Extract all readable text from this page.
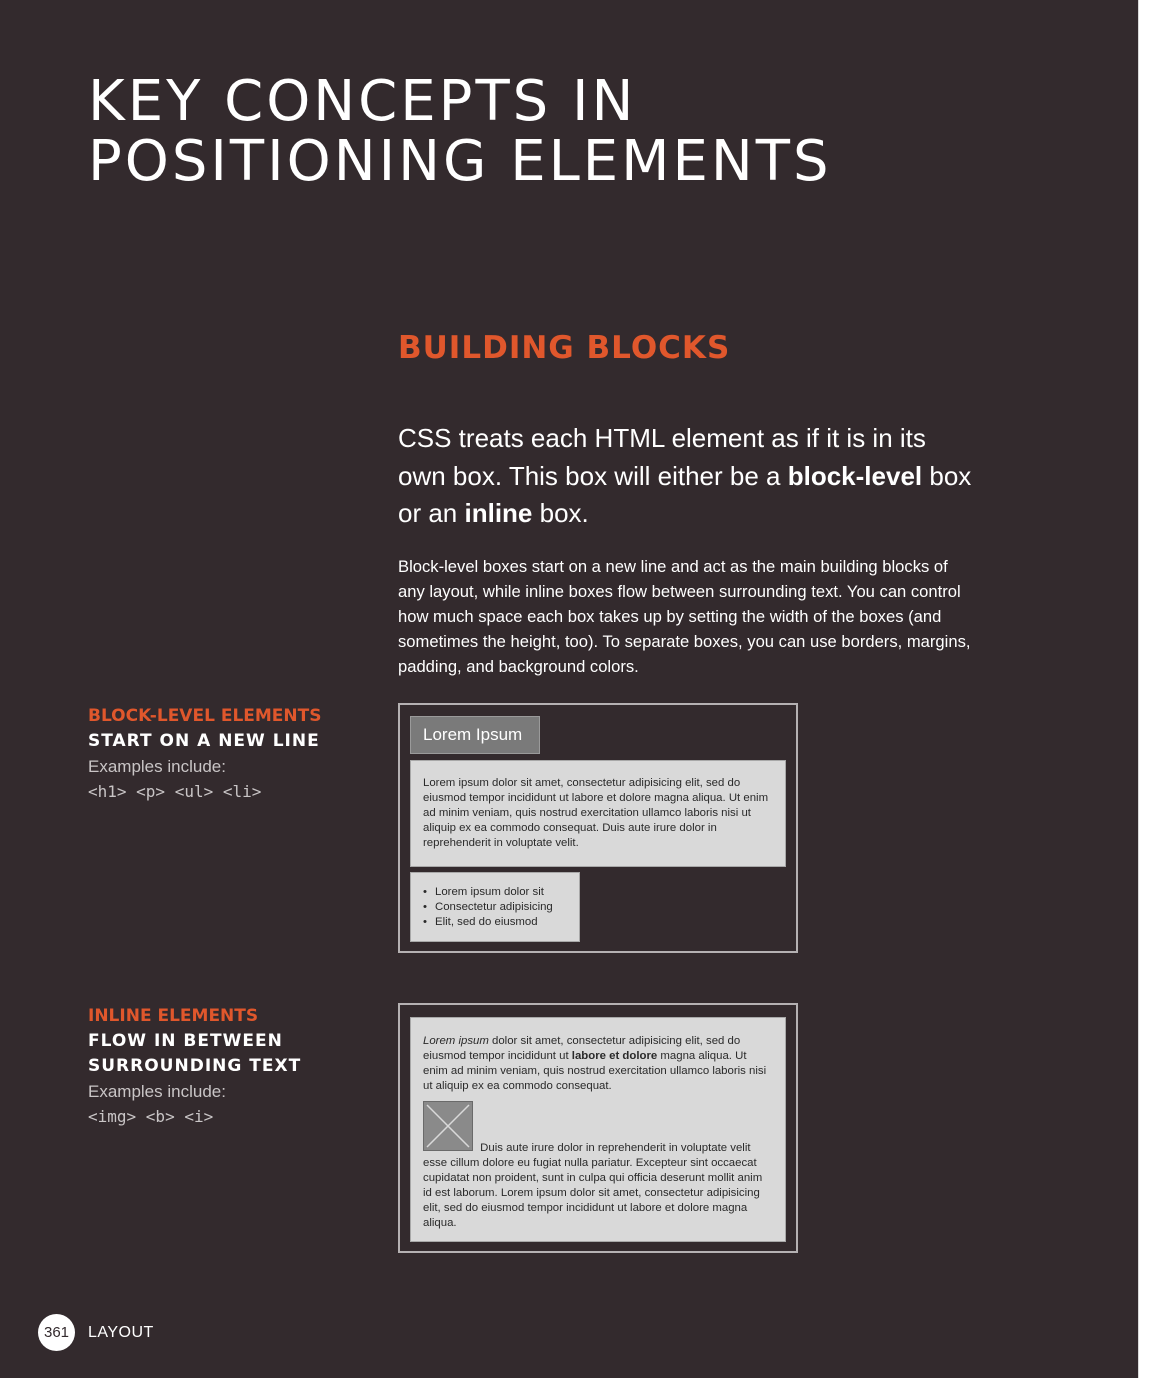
KEY CONCEPTS IN
POSITIONING ELEMENTS
BUILDING BLOCKS

CSS treats each HTML element as if it is in its own box. This box will either be a block-level box or an inline box.

Block-level boxes start on a new line and act as the main building blocks of any layout, while inline boxes flow between surrounding text. You can control how much space each box takes up by setting the width of the boxes (and sometimes the height, too). To separate boxes, you can use borders, margins, padding, and background colors.

BLOCK-LEVEL ELEMENTS
START ON A NEW LINE
Examples include:
<h1> <p> <ul> <li>
Lorem Ipsum
Lorem ipsum dolor sit amet, consectetur adipisicing elit, sed do eiusmod tempor incididunt ut labore et dolore magna aliqua. Ut enim ad minim veniam, quis nostrud exercitation ullamco laboris nisi ut aliquip ex ea commodo consequat. Duis aute irure dolor in reprehenderit in voluptate velit.
• Lorem ipsum dolor sit
• Consectetur adipisicing
• Elit, sed do eiusmod
INLINE ELEMENTS
FLOW IN BETWEEN
SURROUNDING TEXT
Examples include:
<img> <b> <i>

Lorem ipsum dolor sit amet, consectetur adipisicing elit, sed do eiusmod tempor incididunt ut labore et dolore magna aliqua. Ut enim ad minim veniam, quis nostrud exercitation ullamco laboris nisi ut aliquip ex ea commodo consequat.

Duis aute irure dolor in reprehenderit in voluptate velit esse cillum dolore eu fugiat nulla pariatur. Excepteur sint occaecat cupidatat non proident, sunt in culpa qui officia deserunt mollit anim id est laborum. Lorem ipsum dolor sit amet, consectetur adipisicing elit, sed do eiusmod tempor incididunt ut labore et dolore magna aliqua.

361	LAYOUT
